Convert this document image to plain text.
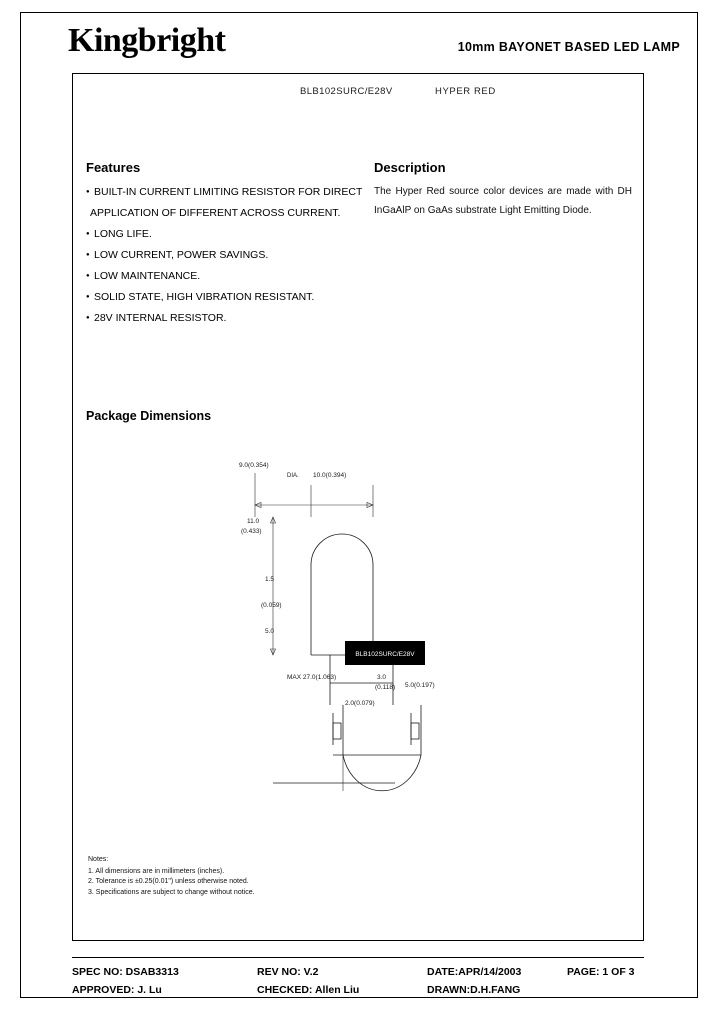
Kingbright	10mm BAYONET BASED LED LAMP
BLB102SURC/E28V	HYPER RED
Features
● BUILT-IN CURRENT LIMITING RESISTOR FOR DIRECT
APPLICATION OF DIFFERENT ACROSS CURRENT.
● LONG LIFE.
● LOW CURRENT, POWER SAVINGS.
● LOW MAINTENANCE.
● SOLID STATE, HIGH VIBRATION RESISTANT.
● 28V INTERNAL RESISTOR.
Description
The Hyper Red source color devices are made with DH InGaAlP on GaAs substrate Light Emitting Diode.
Package Dimensions
9.0(0.354)
10.0(0.394)
DIA.
11.0
(0.433)
BLB102SURC/E28V
1.5
(0.059)
5.0
5.0(0.197)
3.0
(0.118)
MAX 27.0(1.063)
2.0(0.079)
Notes:
1. All dimensions are in millimeters (inches).
2. Tolerance is ±0.25(0.01") unless otherwise noted.
3. Specifications are subject to change without notice.
SPEC NO: DSAB3313	REV NO: V.2	DATE:APR/14/2003	PAGE: 1 OF 3
APPROVED: J. Lu	CHECKED: Allen Liu	DRAWN:D.H.FANG
